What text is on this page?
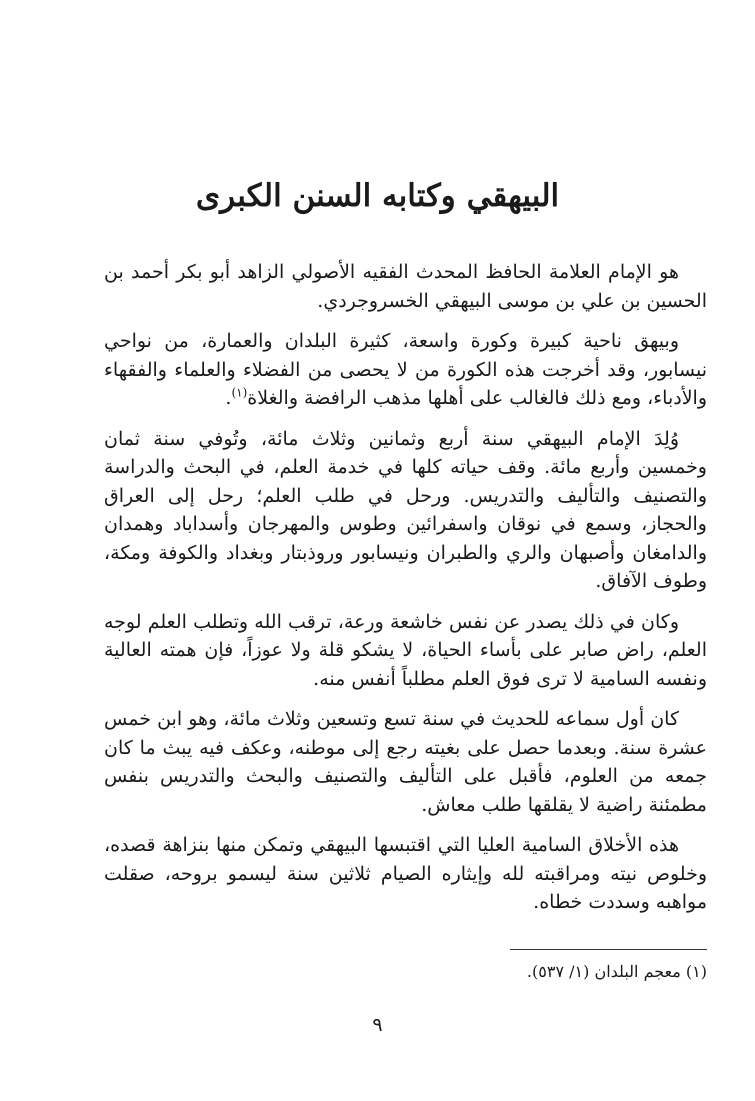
البيهقي وكتابه السنن الكبرى

هو الإمام العلامة الحافظ المحدث الفقيه الأصولي الزاهد أبو بكر أحمد بن الحسين بن علي بن موسى البيهقي الخسروجردي.

وبيهق ناحية كبيرة وكورة واسعة، كثيرة البلدان والعمارة، من نواحي نيسابور، وقد أخرجت هذه الكورة من لا يحصى من الفضلاء والعلماء والفقهاء والأدباء، ومع ذلك فالغالب على أهلها مذهب الرافضة والغلاة$^{(١)}$.

وُلِدَ الإمام البيهقي سنة أربع وثمانين وثلاث مائة، وتُوفي سنة ثمان وخمسين وأربع مائة. وقف حياته كلها في خدمة العلم، في البحث والدراسة والتصنيف والتأليف والتدريس. ورحل في طلب العلم؛ رحل إلى العراق والحجاز، وسمع في نوقان واسفرائين وطوس والمهرجان وأسداباد وهمدان والدامغان وأصبهان والري والطبران ونيسابور وروذبتار وبغداد والكوفة ومكة، وطوف الآفاق.

وكان في ذلك يصدر عن نفس خاشعة ورعة، ترقب الله وتطلب العلم لوجه العلم، راض صابر على بأساء الحياة، لا يشكو قلة ولا عوزاً، فإن همته العالية ونفسه السامية لا ترى فوق العلم مطلباً أنفس منه.

كان أول سماعه للحديث في سنة تسع وتسعين وثلاث مائة، وهو ابن خمس عشرة سنة. وبعدما حصل على بغيته رجع إلى موطنه، وعكف فيه يبث ما كان جمعه من العلوم، فأقبل على التأليف والتصنيف والبحث والتدريس بنفس مطمئنة راضية لا يقلقها طلب معاش.

هذه الأخلاق السامية العليا التي اقتبسها البيهقي وتمكن منها بنزاهة قصده، وخلوص نيته ومراقبته لله وإيثاره الصيام ثلاثين سنة ليسمو بروحه، صقلت مواهبه وسددت خطاه.

(١) معجم البلدان (١/ ٥٣٧).

٩
